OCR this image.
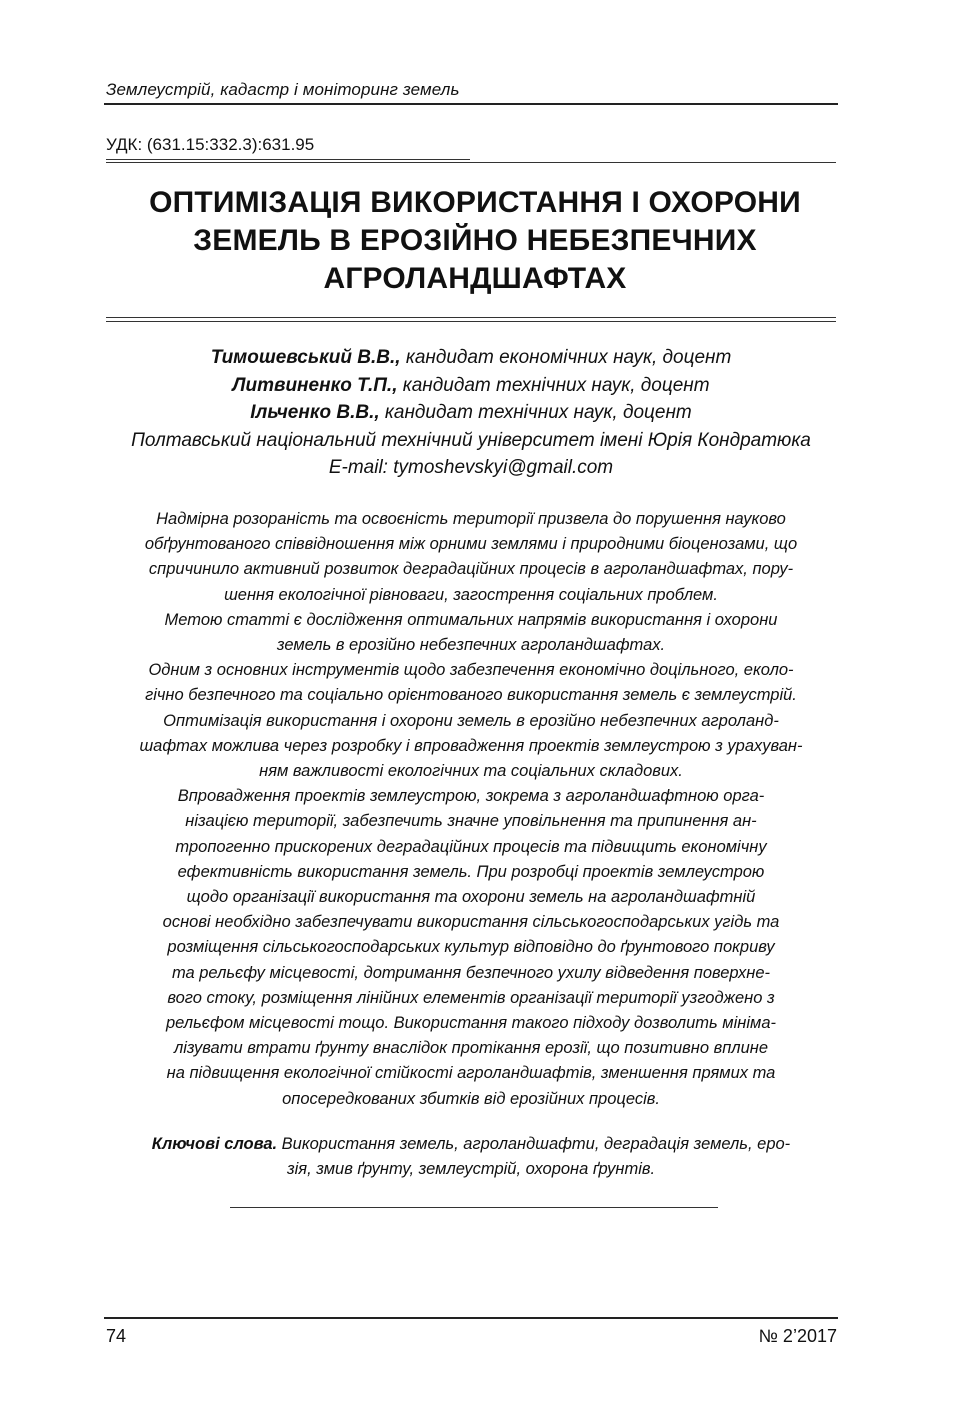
Землеустрій, кадастр і моніторинг земель
УДК: (631.15:332.3):631.95
ОПТИМІЗАЦІЯ ВИКОРИСТАННЯ І ОХОРОНИ
ЗЕМЕЛЬ В ЕРОЗІЙНО НЕБЕЗПЕЧНИХ
АГРОЛАНДШАФТАХ
Тимошевський В.В., кандидат економічних наук, доцент
Литвиненко Т.П., кандидат технічних наук, доцент
Ільченко В.В., кандидат технічних наук, доцент
Полтавський національний технічний університет імені Юрія Кондратюка
E-mail: tymoshevskyi@gmail.com
Надмірна розораність та освоєність території призвела до порушення науково
обґрунтованого співвідношення між орними землями і природними біоценозами, що
спричинило активний розвиток деградаційних процесів в агроландшафтах, пору-
шення екологічної рівноваги, загострення соціальних проблем.
Метою статті є дослідження оптимальних напрямів використання і охорони
земель в ерозійно небезпечних агроландшафтах.
Одним з основних інструментів щодо забезпечення економічно доцільного, еколо-
гічно безпечного та соціально орієнтованого використання земель є землеустрій.
Оптимізація використання і охорони земель в ерозійно небезпечних агроланд-
шафтах можлива через розробку і впровадження проектів землеустрою з урахуван-
ням важливості екологічних та соціальних складових.
Впровадження проектів землеустрою, зокрема з агроландшафтною орга-
нізацією території, забезпечить значне уповільнення та припинення ан-
тропогенно прискорених деградаційних процесів та підвищить економічну
ефективність використання земель. При розробці проектів землеустрою
щодо організації використання та охорони земель на агроландшафтній
основі необхідно забезпечувати використання сільськогосподарських угідь та
розміщення сільськогосподарських культур відповідно до ґрунтового покриву
та рельєфу місцевості, дотримання безпечного ухилу відведення поверхне-
вого стоку, розміщення лінійних елементів організації території узгоджено з
рельєфом місцевості тощо. Використання такого підходу дозволить мініма-
лізувати втрати ґрунту внаслідок протікання ерозії, що позитивно вплине
на підвищення екологічної стійкості агроландшафтів, зменшення прямих та
опосередкованих збитків від ерозійних процесів.
Ключові слова. Використання земель, агроландшафти, деградація земель, еро-
зія, змив ґрунту, землеустрій, охорона ґрунтів.
74	№ 2’2017
